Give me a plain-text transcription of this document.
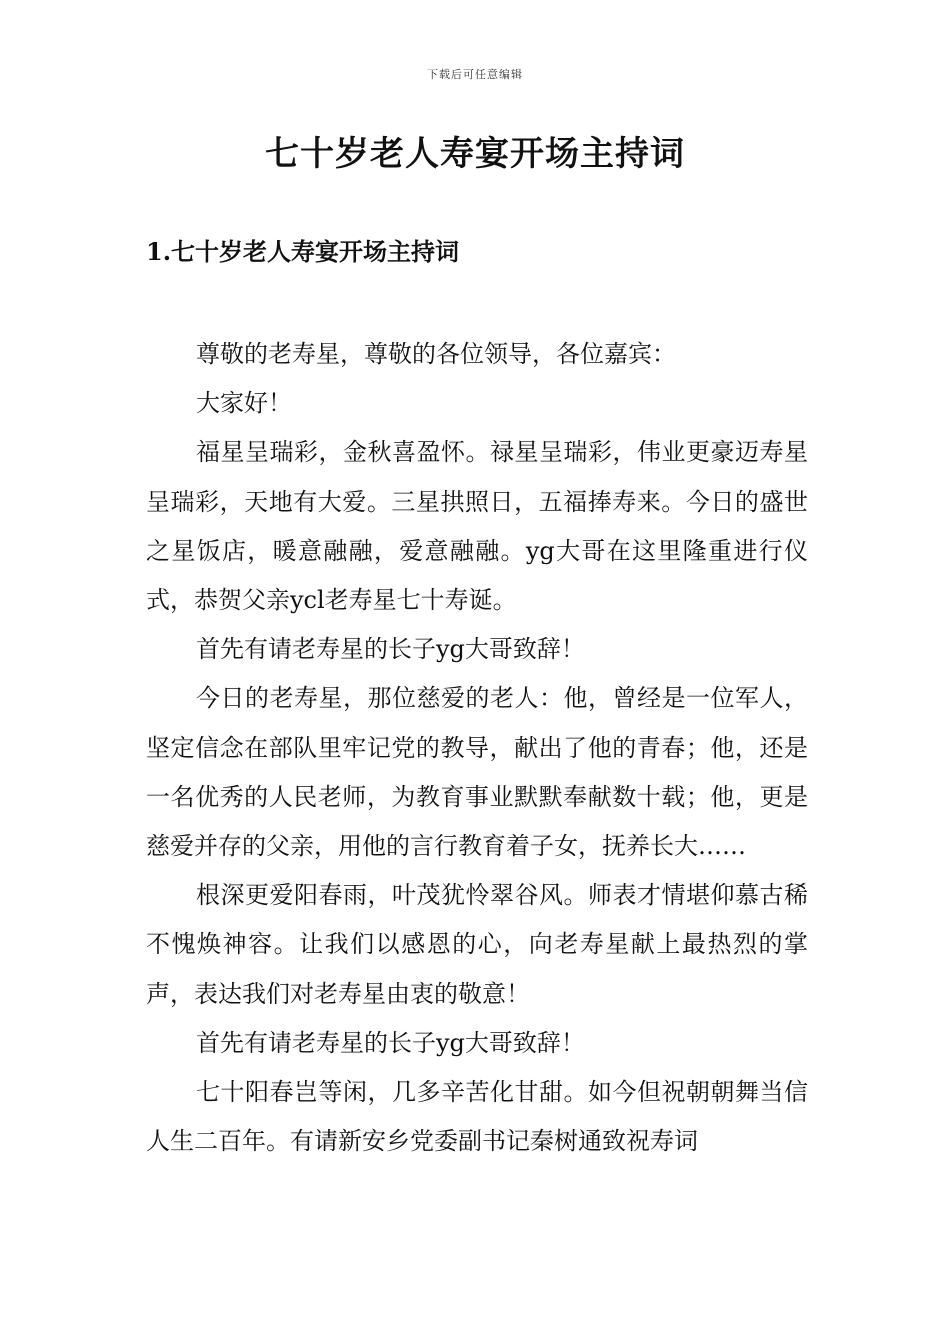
下载后可任意编辑
七十岁老人寿宴开场主持词
1.七十岁老人寿宴开场主持词

尊敬的老寿星，尊敬的各位领导，各位嘉宾：

大家好！

福星呈瑞彩，金秋喜盈怀。禄星呈瑞彩，伟业更豪迈寿星呈瑞彩，天地有大爱。三星拱照日，五福捧寿来。今日的盛世之星饭店，暖意融融，爱意融融。yg大哥在这里隆重进行仪式，恭贺父亲ycl老寿星七十寿诞。

首先有请老寿星的长子yg大哥致辞！

今日的老寿星，那位慈爱的老人：他，曾经是一位军人，坚定信念在部队里牢记党的教导，献出了他的青春；他，还是一名优秀的人民老师，为教育事业默默奉献数十载；他，更是慈爱并存的父亲，用他的言行教育着子女，抚养长大……

根深更爱阳春雨，叶茂犹怜翠谷风。师表才情堪仰慕古稀不愧焕神容。让我们以感恩的心，向老寿星献上最热烈的掌声，表达我们对老寿星由衷的敬意！

首先有请老寿星的长子yg大哥致辞！

七十阳春岂等闲，几多辛苦化甘甜。如今但祝朝朝舞当信人生二百年。有请新安乡党委副书记秦树通致祝寿词
